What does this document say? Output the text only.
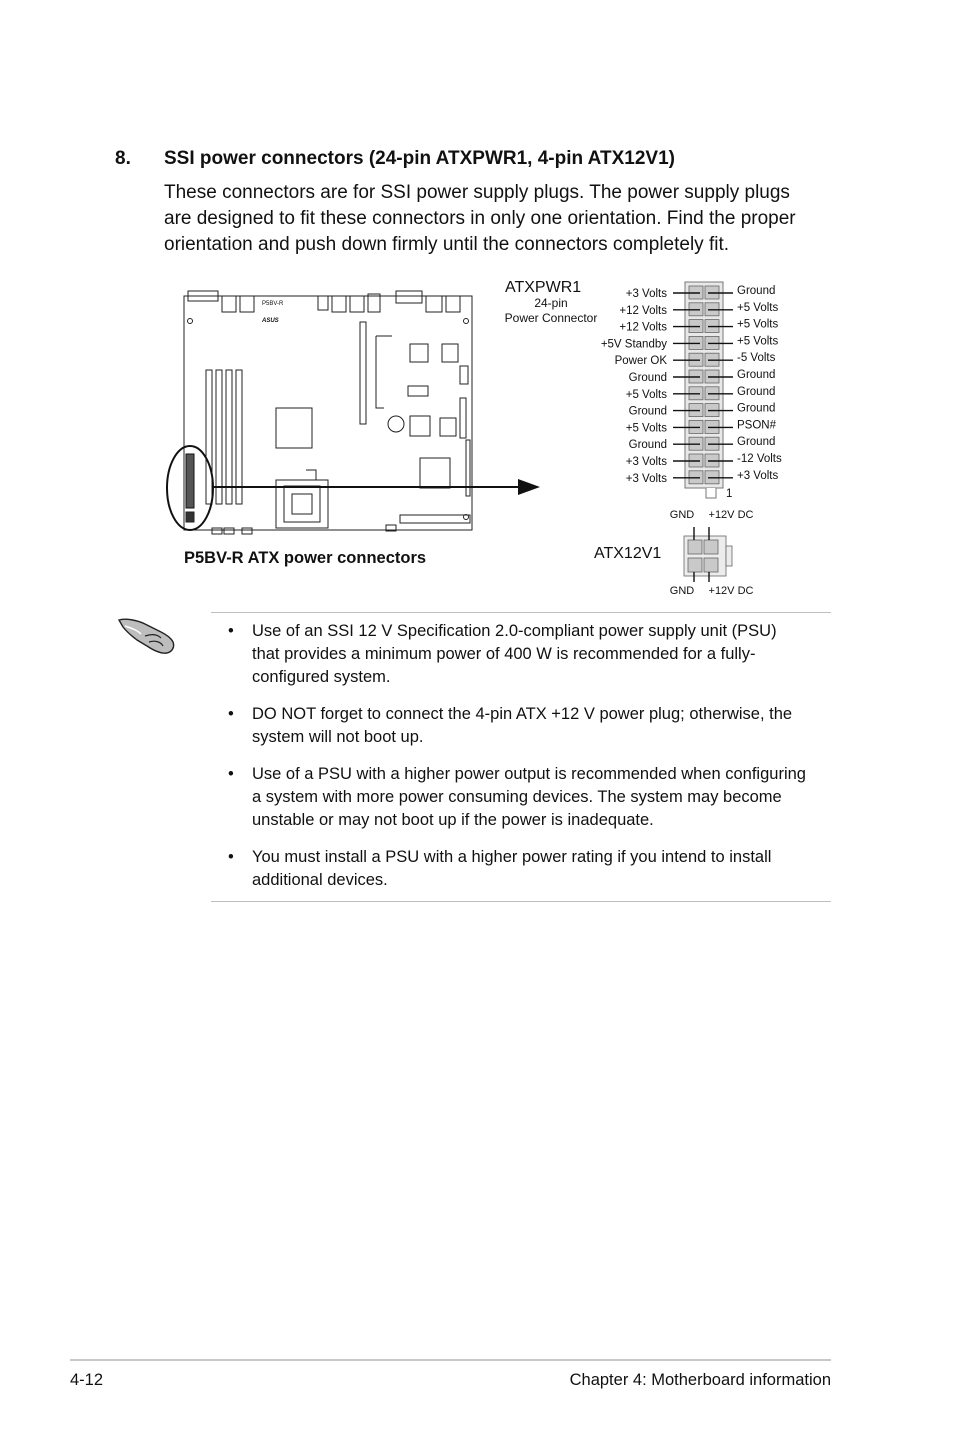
8. SSI power connectors (24-pin ATXPWR1, 4-pin ATX12V1)
These connectors are for SSI power supply plugs. The power supply plugs
are designed to fit these connectors in only one orientation. Find the proper
orientation and push down firmly until the connectors completely fit.
P5BV-R
ASUS
P5BV-R ATX power connectors
ATXPWR1
24-pin
Power Connector
+3 Volts
+12 Volts
+12 Volts
+5V Standby
Power OK
Ground
+5 Volts
Ground
+5 Volts
Ground
+3 Volts
+3 Volts
Ground
+5 Volts
+5 Volts
+5 Volts
-5 Volts
Ground
Ground
Ground
PSON#
Ground
-12 Volts
+3 Volts
1
ATX12V1
GND +12V DC
GND +12V DC
• Use of an SSI 12 V Specification 2.0-compliant power supply unit (PSU)
that provides a minimum power of 400 W is recommended for a fully-
configured system.
• DO NOT forget to connect the 4-pin ATX +12 V power plug; otherwise, the
system will not boot up.
• Use of a PSU with a higher power output is recommended when configuring
a system with more power consuming devices. The system may become
unstable or may not boot up if the power is inadequate.
• You must install a PSU with a higher power rating if you intend to install
additional devices.
4-12	Chapter 4: Motherboard information
